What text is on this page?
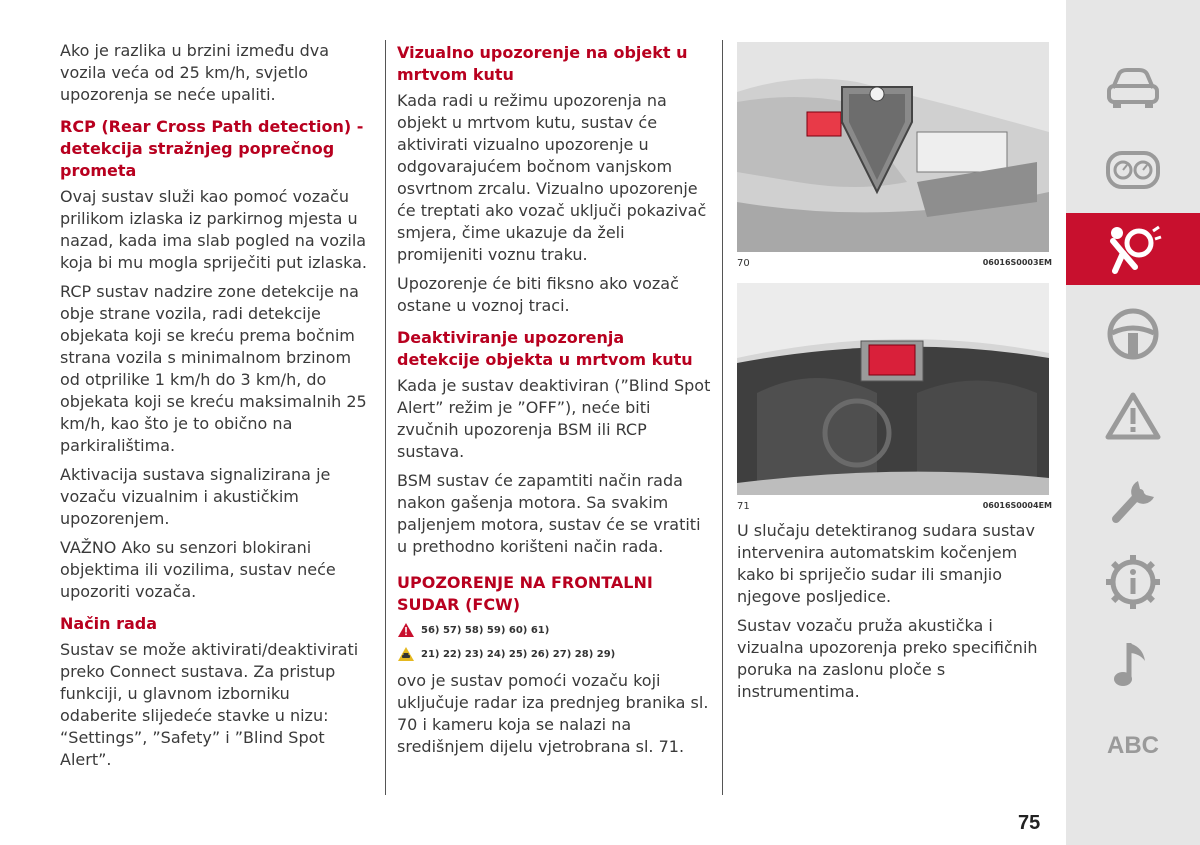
Ako je razlika u brzini između dva vozila veća od 25 km/h, svjetlo upozorenja se neće upaliti.

RCP (Rear Cross Path detection) - detekcija stražnjeg poprečnog prometa

Ovaj sustav služi kao pomoć vozaču prilikom izlaska iz parkirnog mjesta u nazad, kada ima slab pogled na vozila koja bi mu mogla spriječiti put izlaska.

RCP sustav nadzire zone detekcije na obje strane vozila, radi detekcije objekata koji se kreću prema bočnim strana vozila s minimalnom brzinom od otprilike 1 km/h do 3 km/h, do objekata koji se kreću maksimalnih 25 km/h, kao što je to obično na parkiralištima.

Aktivacija sustava signalizirana je vozaču vizualnim i akustičkim upozorenjem.

VAŽNO Ako su senzori blokirani objektima ili vozilima, sustav neće upozoriti vozača.

Način rada

Sustav se može aktivirati/deaktivirati preko Connect sustava. Za pristup funkciji, u glavnom izborniku odaberite slijedeće stavke u nizu: “Settings”, ”Safety” i ”Blind Spot Alert”.

Vizualno upozorenje na objekt u mrtvom kutu

Kada radi u režimu upozorenja na objekt u mrtvom kutu, sustav će aktivirati vizualno upozorenje u odgovarajućem bočnom vanjskom osvrtnom zrcalu. Vizualno upozorenje će treptati ako vozač uključi pokazivač smjera, čime ukazuje da želi promijeniti voznu traku.

Upozorenje će biti fiksno ako vozač ostane u voznoj traci.

Deaktiviranje upozorenja detekcije objekta u mrtvom kutu

Kada je sustav deaktiviran (”Blind Spot Alert” režim je ”OFF”), neće biti zvučnih upozorenja BSM ili RCP sustava.

BSM sustav će zapamtiti način rada nakon gašenja motora. Sa svakim paljenjem motora, sustav će se vratiti u prethodno korišteni način rada.

UPOZORENJE NA FRONTALNI SUDAR (FCW)
56) 57) 58) 59) 60) 61)
21) 22) 23) 24) 25) 26) 27) 28) 29)

ovo je sustav pomoći vozaču koji uključuje radar iza prednjeg branika sl. 70 i kameru koja se nalazi na središnjem dijelu vjetrobrana sl. 71.

70	06016S0003EM
71	06016S0004EM

U slučaju detektiranog sudara sustav intervenira automatskim kočenjem kako bi spriječio sudar ili smanjio njegove posljedice.

Sustav vozaču pruža akustička i vizualna upozorenja preko specifičnih poruka na zaslonu ploče s instrumentima.

ABC
75
